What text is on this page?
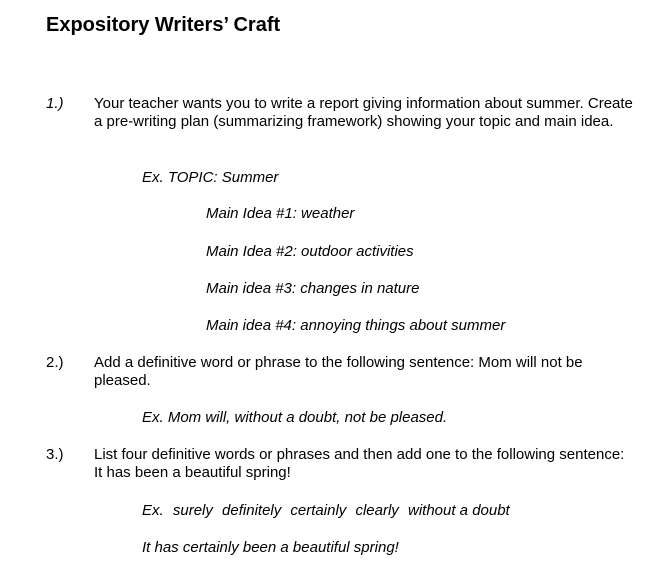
Expository Writers’ Craft
1.) Your teacher wants you to write a report giving information about summer. Create a pre-writing plan (summarizing framework) showing your topic and main idea.

Ex. TOPIC: Summer
Main Idea #1: weather
Main Idea #2: outdoor activities
Main idea #3: changes in nature
Main idea #4: annoying things about summer
2.) Add a definitive word or phrase to the following sentence: Mom will not be pleased.

Ex. Mom will, without a doubt, not be pleased.
3.) List four definitive words or phrases and then add one to the following sentence: It has been a beautiful spring!

Ex. surely definitely certainly clearly without a doubt
It has certainly been a beautiful spring!
